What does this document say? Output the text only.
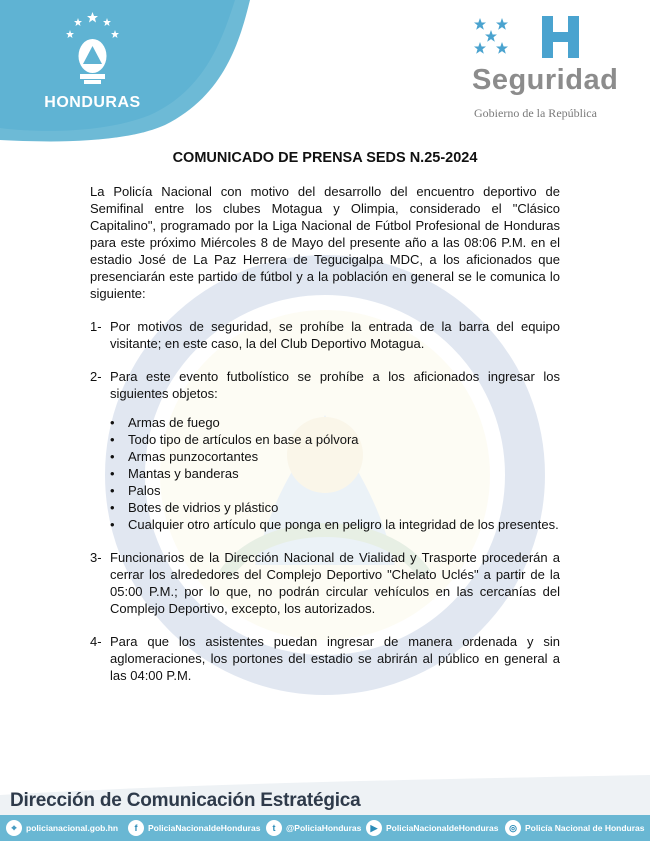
HONDURAS
Seguridad
Gobierno de la República
COMUNICADO DE PRENSA SEDS N.25-2024

La Policía Nacional con motivo del desarrollo del encuentro deportivo de Semifinal entre los clubes Motagua y Olimpia, considerado el "Clásico Capitalino", programado por la Liga Nacional de Fútbol Profesional de Honduras para este próximo Miércoles 8 de Mayo del presente año a las 08:06 P.M. en el estadio José de La Paz Herrera de Tegucigalpa MDC, a los aficionados que presenciarán este partido de fútbol y a la población en general se le comunica lo siguiente:

1- Por motivos de seguridad, se prohíbe la entrada de la barra del equipo visitante; en este caso, la del Club Deportivo Motagua.
2- Para este evento futbolístico se prohíbe a los aficionados ingresar los siguientes objetos:
• Armas de fuego
• Todo tipo de artículos en base a pólvora
• Armas punzocortantes
• Mantas y banderas
• Palos
• Botes de vidrios y plástico
• Cualquier otro artículo que ponga en peligro la integridad de los presentes.
3- Funcionarios de la Dirección Nacional de Vialidad y Trasporte procederán a cerrar los alrededores del Complejo Deportivo "Chelato Uclés" a partir de la 05:00 P.M.; por lo que, no podrán circular vehículos en las cercanías del Complejo Deportivo, excepto, los autorizados.
4- Para que los asistentes puedan ingresar de manera ordenada y sin aglomeraciones, los portones del estadio se abrirán al público en general a las 04:00 P.M.
Dirección de Comunicación Estratégica
⌖	policianacional.gob.hn	f	PoliciaNacionaldeHonduras	t	@PoliciaHonduras	▶	PoliciaNacionaldeHonduras	◎ Policía Nacional de Honduras
